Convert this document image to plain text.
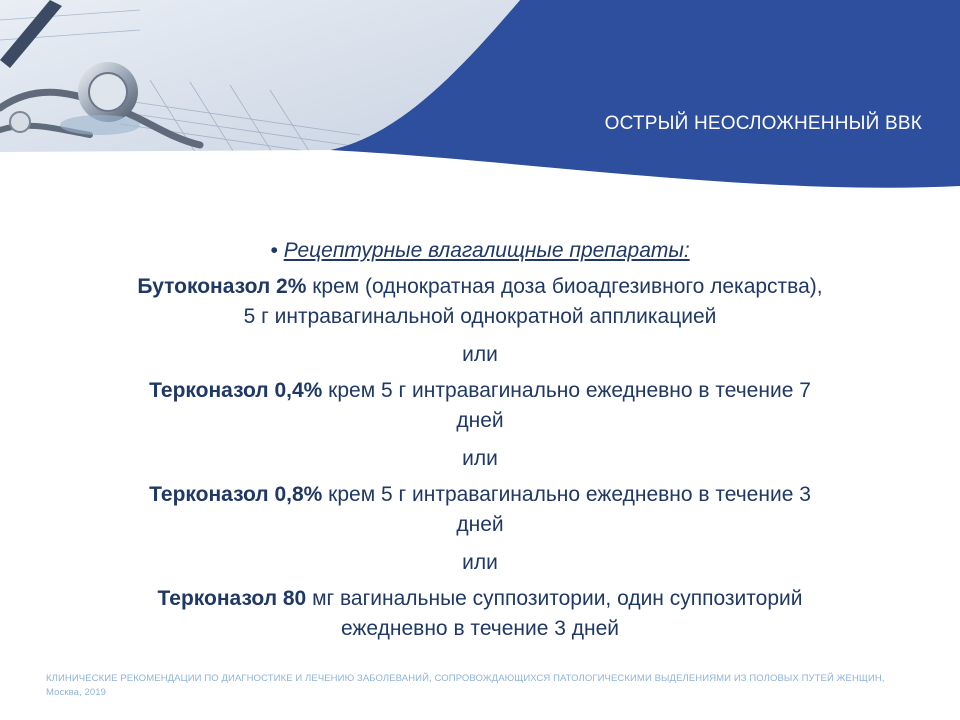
ОСТРЫЙ НЕОСЛОЖНЕННЫЙ ВВК
• Рецептурные влагалищные препараты:
Бутоконазол 2% крем (однократная доза биоадгезивного лекарства),
5 г интравагинальной однократной аппликацией
или
Терконазол 0,4% крем 5 г интравагинально ежедневно в течение 7
дней
или
Терконазол 0,8% крем 5 г интравагинально ежедневно в течение 3
дней
или
Терконазол 80 мг вагинальные суппозитории, один суппозиторий
ежедневно в течение 3 дней
КЛИНИЧЕСКИЕ РЕКОМЕНДАЦИИ ПО ДИАГНОСТИКЕ И ЛЕЧЕНИЮ ЗАБОЛЕВАНИЙ, СОПРОВОЖДАЮЩИХСЯ ПАТОЛОГИЧЕСКИМИ ВЫДЕЛЕНИЯМИ ИЗ ПОЛОВЫХ ПУТЕЙ ЖЕНЩИН, Москва, 2019
